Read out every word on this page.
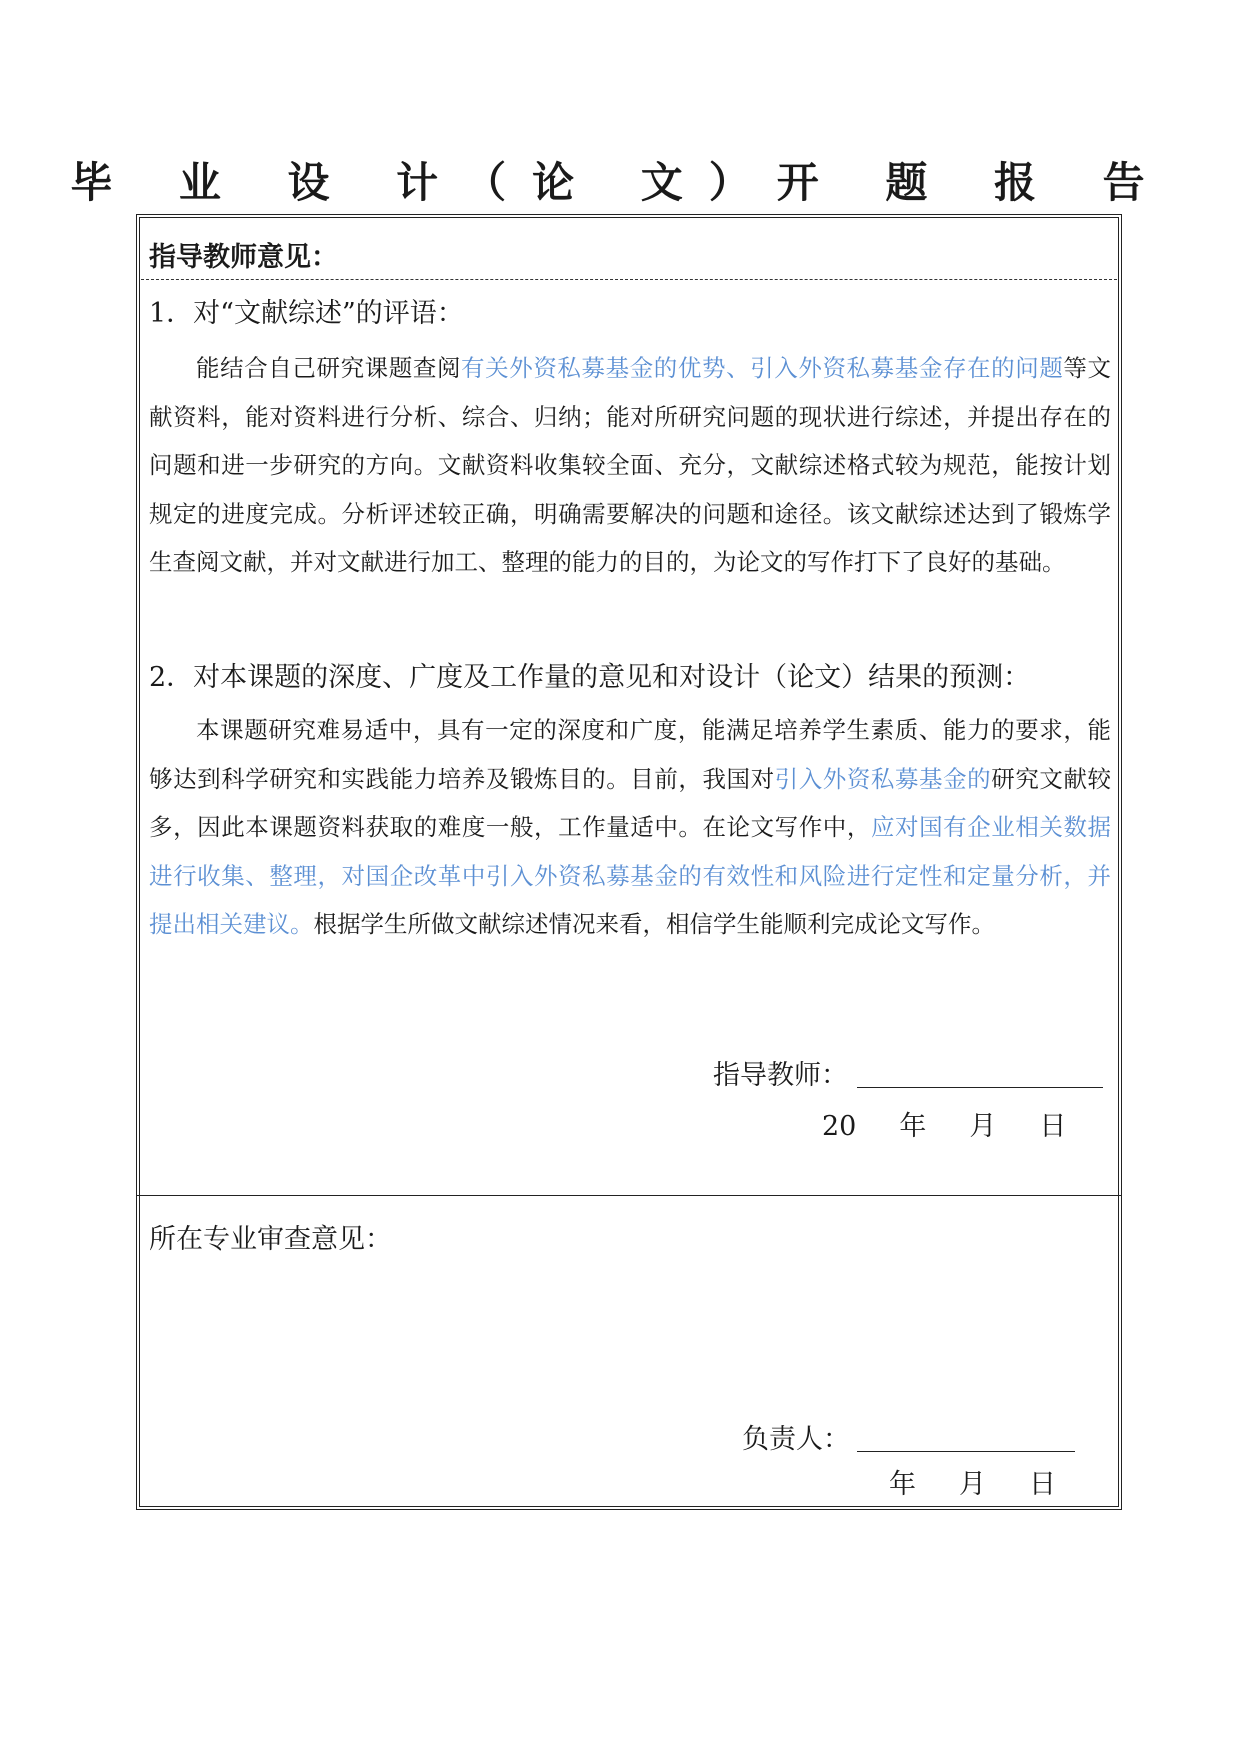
毕 业 设 计（论 文）开 题 报 告
指导教师意见：
1．对“文献综述”的评语：
能结合自己研究课题查阅有关外资私募基金的优势、引入外资私募基金存在的问题等文献资料，能对资料进行分析、综合、归纳；能对所研究问题的现状进行综述，并提出存在的问题和进一步研究的方向。文献资料收集较全面、充分，文献综述格式较为规范，能按计划规定的进度完成。分析评述较正确，明确需要解决的问题和途径。该文献综述达到了锻炼学生查阅文献，并对文献进行加工、整理的能力的目的，为论文的写作打下了良好的基础。
2．对本课题的深度、广度及工作量的意见和对设计（论文）结果的预测：
本课题研究难易适中，具有一定的深度和广度，能满足培养学生素质、能力的要求，能够达到科学研究和实践能力培养及锻炼目的。目前，我国对引入外资私募基金的研究文献较多，因此本课题资料获取的难度一般，工作量适中。在论文写作中，应对国有企业相关数据进行收集、整理，对国企改革中引入外资私募基金的有效性和风险进行定性和定量分析，并提出相关建议。根据学生所做文献综述情况来看，相信学生能顺利完成论文写作。
指导教师：
20 年 月 日
所在专业审查意见：
负责人：
年 月 日
